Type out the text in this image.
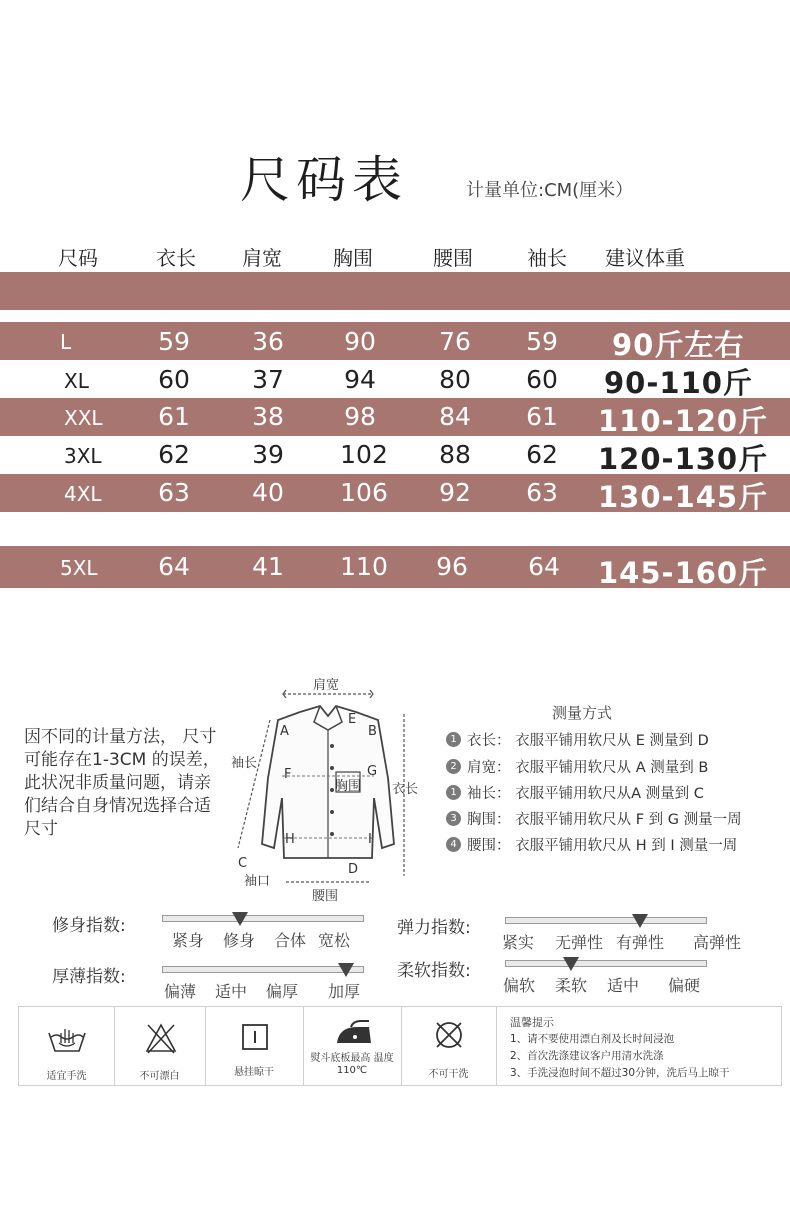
尺码表	计量单位:CM(厘米）
尺码	衣长 肩宽	胸围	腰围	袖长 建议体重
L	59 36 90	76 59 90斤左右
XL	60 37 94	80 60 90-110斤
XXL 61 38 98	84 61 110-120斤
3XL 62 39 102 88 62 120-130斤
4XL 63 40 106 92 63 130-145斤
5XL 64 41 110 96 64 145-160斤
因不同的计量方法， 尺寸可能存在1-3CM 的误差，此状况非质量问题，请亲们结合自身情况选择合适尺寸
肩宽
袖长
胸围 衣长
袖口
腰围
A	B
C	D
E
F	G
H	I
测量方式
1 衣长： 衣服平铺用软尺从 E 测量到 D
2 肩宽： 衣服平铺用软尺从 A 测量到 B
1 袖长： 衣服平铺用软尺从A 测量到 C
3 胸围： 衣服平铺用软尺从 F 到 G 测量一周
4 腰围： 衣服平铺用软尺从 H 到 I 测量一周
修身指数:
紧身 修身 合体 宽松
弹力指数:
紧实 无弹性 有弹性 高弹性
厚薄指数:
偏薄 适中 偏厚 加厚
柔软指数:
偏软 柔软 适中 偏硬
适宜手洗	不可漂白	悬挂晾干
熨斗底板最高 温度110℃	不可干洗
温馨提示
1、请不要使用漂白剂及长时间浸泡
2、首次洗涤建议客户用清水洗涤
3、手洗浸泡时间不超过30分钟，洗后马上晾干
